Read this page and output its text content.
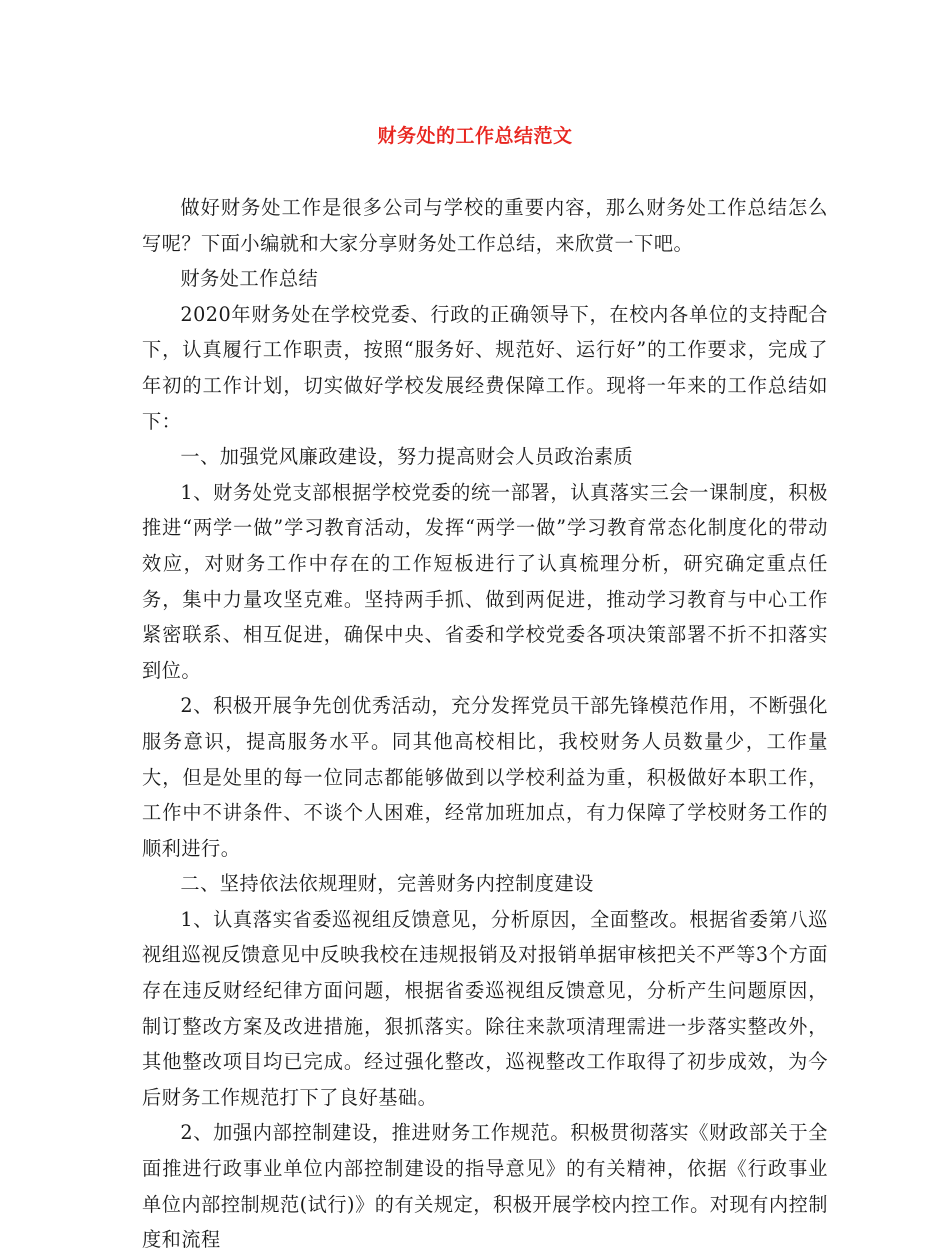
财务处的工作总结范文

做好财务处工作是很多公司与学校的重要内容，那么财务处工作总结怎么写呢？下面小编就和大家分享财务处工作总结，来欣赏一下吧。

财务处工作总结

2020年财务处在学校党委、行政的正确领导下，在校内各单位的支持配合下，认真履行工作职责，按照“服务好、规范好、运行好”的工作要求，完成了年初的工作计划，切实做好学校发展经费保障工作。现将一年来的工作总结如下：

一、加强党风廉政建设，努力提高财会人员政治素质

1、财务处党支部根据学校党委的统一部署，认真落实三会一课制度，积极推进“两学一做”学习教育活动，发挥“两学一做”学习教育常态化制度化的带动效应，对财务工作中存在的工作短板进行了认真梳理分析，研究确定重点任务，集中力量攻坚克难。坚持两手抓、做到两促进，推动学习教育与中心工作紧密联系、相互促进，确保中央、省委和学校党委各项决策部署不折不扣落实到位。

2、积极开展争先创优秀活动，充分发挥党员干部先锋模范作用，不断强化服务意识，提高服务水平。同其他高校相比，我校财务人员数量少，工作量大，但是处里的每一位同志都能够做到以学校利益为重，积极做好本职工作，工作中不讲条件、不谈个人困难，经常加班加点，有力保障了学校财务工作的顺利进行。

二、坚持依法依规理财，完善财务内控制度建设

1、认真落实省委巡视组反馈意见，分析原因，全面整改。根据省委第八巡视组巡视反馈意见中反映我校在违规报销及对报销单据审核把关不严等3个方面存在违反财经纪律方面问题，根据省委巡视组反馈意见，分析产生问题原因，制订整改方案及改进措施，狠抓落实。除往来款项清理需进一步落实整改外，其他整改项目均已完成。经过强化整改，巡视整改工作取得了初步成效，为今后财务工作规范打下了良好基础。

2、加强内部控制建设，推进财务工作规范。积极贯彻落实《财政部关于全面推进行政事业单位内部控制建设的指导意见》的有关精神，依据《行政事业单位内部控制规范(试行)》的有关规定，积极开展学校内控工作。对现有内控制度和流程
